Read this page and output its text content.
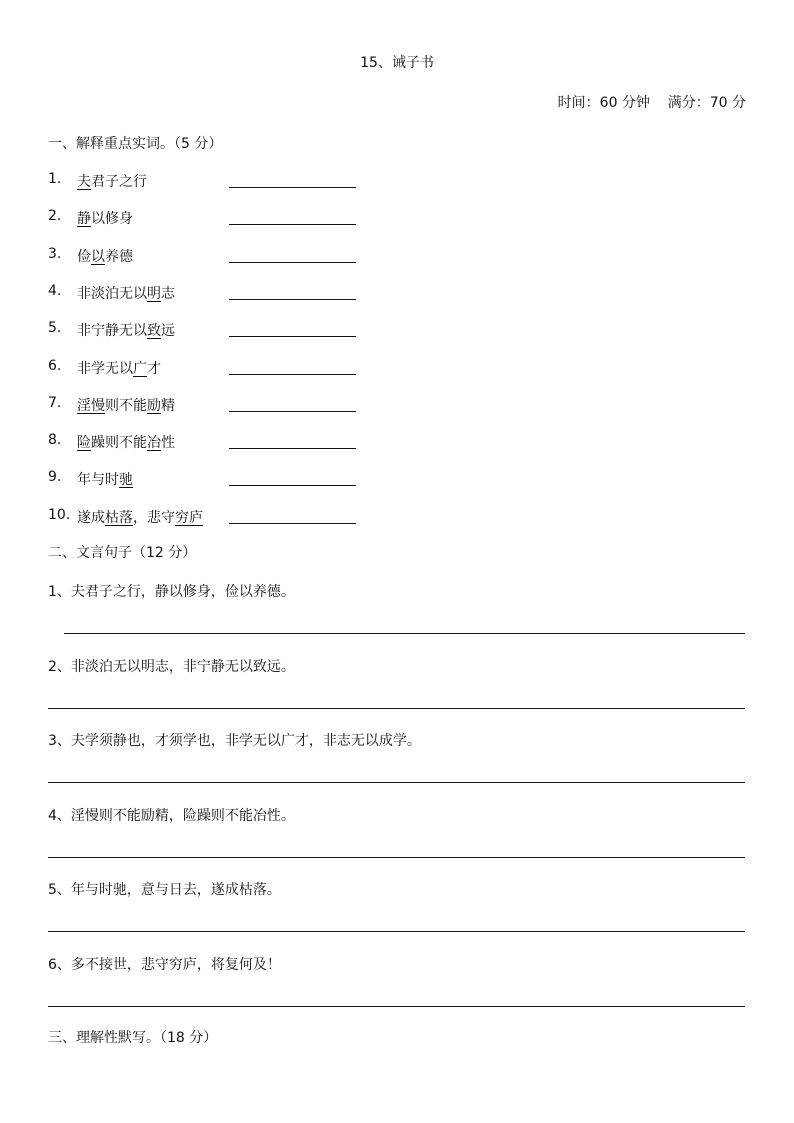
15、诫子书
时间：60 分钟    满分：70 分
一、解释重点实词。（5 分）
1. 夫君子之行
2. 静以修身
3. 俭以养德
4. 非淡泊无以明志
5. 非宁静无以致远
6. 非学无以广才
7. 淫慢则不能励精
8. 险躁则不能冶性
9. 年与时驰
10. 遂成枯落，悲守穷庐
二、文言句子（12 分）
1、夫君子之行，静以修身，俭以养德。
2、非淡泊无以明志，非宁静无以致远。
3、夫学须静也，才须学也，非学无以广才，非志无以成学。
4、淫慢则不能励精，险躁则不能冶性。
5、年与时驰，意与日去，遂成枯落。
6、多不接世，悲守穷庐，将复何及！
三、理解性默写。（18 分）
